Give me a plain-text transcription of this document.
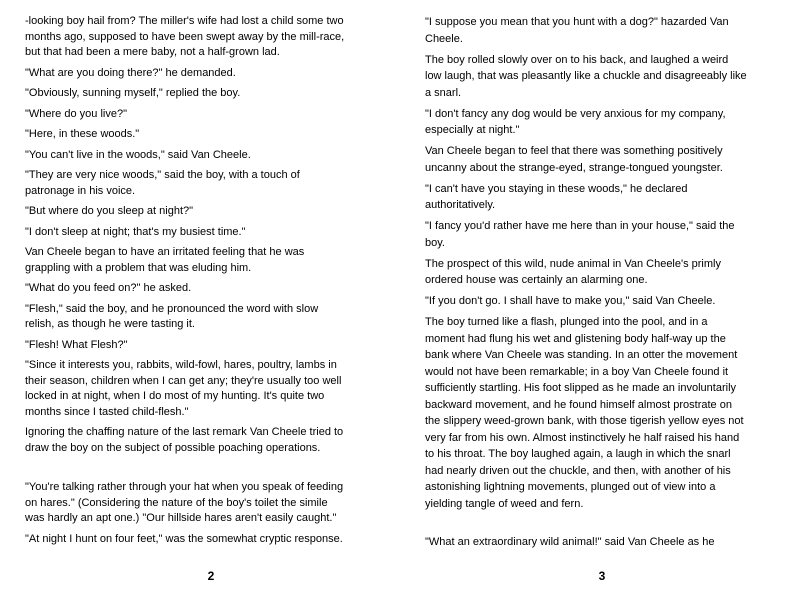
-looking boy hail from? The miller's wife had lost a child some two
months ago, supposed to have been swept away by the mill-race,
but that had been a mere baby, not a half-grown lad.
"What are you doing there?" he demanded.
"Obviously, sunning myself," replied the boy.
"Where do you live?"
"Here, in these woods."
"You can't live in the woods," said Van Cheele.
"They are very nice woods," said the boy, with a touch of
patronage in his voice.
"But where do you sleep at night?"
"I don't sleep at night; that's my busiest time."
Van Cheele began to have an irritated feeling that he was
grappling with a problem that was eluding him.
"What do you feed on?" he asked.
"Flesh," said the boy, and he pronounced the word with slow
relish, as though he were tasting it.
"Flesh! What Flesh?"
"Since it interests you, rabbits, wild-fowl, hares, poultry, lambs in
their season, children when I can get any; they're usually too well
locked in at night, when I do most of my hunting. It's quite two
months since I tasted child-flesh."
Ignoring the chaffing nature of the last remark Van Cheele tried to
draw the boy on the subject of possible poaching operations.
"You're talking rather through your hat when you speak of feeding
on hares." (Considering the nature of the boy's toilet the simile
was hardly an apt one.) "Our hillside hares aren't easily caught."
"At night I hunt on four feet," was the somewhat cryptic response.
2
"I suppose you mean that you hunt with a dog?" hazarded Van
Cheele.
The boy rolled slowly over on to his back, and laughed a weird
low laugh, that was pleasantly like a chuckle and disagreeably like
a snarl.
"I don't fancy any dog would be very anxious for my company,
especially at night."
Van Cheele began to feel that there was something positively
uncanny about the strange-eyed, strange-tongued youngster.
"I can't have you staying in these woods," he declared
authoritatively.
"I fancy you'd rather have me here than in your house," said the
boy.
The prospect of this wild, nude animal in Van Cheele's primly
ordered house was certainly an alarming one.
"If you don't go. I shall have to make you," said Van Cheele.
The boy turned like a flash, plunged into the pool, and in a
moment had flung his wet and glistening body half-way up the
bank where Van Cheele was standing. In an otter the movement
would not have been remarkable; in a boy Van Cheele found it
sufficiently startling. His foot slipped as he made an involuntarily
backward movement, and he found himself almost prostrate on
the slippery weed-grown bank, with those tigerish yellow eyes not
very far from his own. Almost instinctively he half raised his hand
to his throat. The boy laughed again, a laugh in which the snarl
had nearly driven out the chuckle, and then, with another of his
astonishing lightning movements, plunged out of view into a
yielding tangle of weed and fern.
"What an extraordinary wild animal!" said Van Cheele as he
3
